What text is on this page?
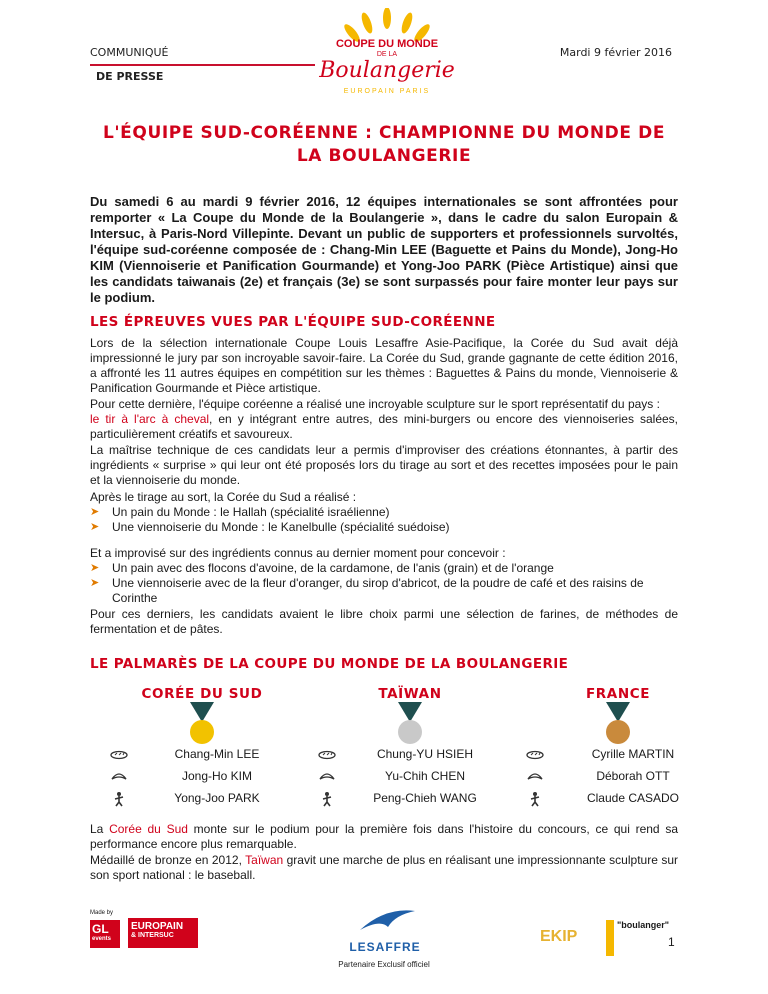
COMMUNIQUÉ
DE PRESSE
Mardi 9 février 2016
COUPE DU MONDE
DE LA
Boulangerie
EUROPAIN PARIS
L'ÉQUIPE SUD-CORÉENNE : CHAMPIONNE DU MONDE DE LA BOULANGERIE
Du samedi 6 au mardi 9 février 2016, 12 équipes internationales se sont affrontées pour remporter « La Coupe du Monde de la Boulangerie », dans le cadre du salon Europain & Intersuc, à Paris-Nord Villepinte. Devant un public de supporters et professionnels survoltés, l'équipe sud-coréenne composée de : Chang-Min LEE (Baguette et Pains du Monde), Jong-Ho KIM (Viennoiserie et Panification Gourmande) et Yong-Joo PARK (Pièce Artistique) ainsi que les candidats taiwanais (2e) et français (3e) se sont surpassés pour faire monter leur pays sur le podium.
LES ÉPREUVES VUES PAR L'ÉQUIPE SUD-CORÉENNE
Lors de la sélection internationale Coupe Louis Lesaffre Asie-Pacifique, la Corée du Sud avait déjà impressionné le jury par son incroyable savoir-faire. La Corée du Sud, grande gagnante de cette édition 2016, a affronté les 11 autres équipes en compétition sur les thèmes : Baguettes & Pains du monde, Viennoiserie & Panification Gourmande et Pièce artistique.
Pour cette dernière, l'équipe coréenne a réalisé une incroyable sculpture sur le sport représentatif du pays :
le tir à l'arc à cheval, en y intégrant entre autres, des mini-burgers ou encore des viennoiseries salées, particulièrement créatifs et savoureux.
La maîtrise technique de ces candidats leur a permis d'improviser des créations étonnantes, à partir des ingrédients « surprise » qui leur ont été proposés lors du tirage au sort et des recettes imposées pour le pain et la viennoiserie du monde.
Après le tirage au sort, la Corée du Sud a réalisé :
➤ Un pain du Monde : le Hallah (spécialité israélienne)
➤ Une viennoiserie du Monde : le Kanelbulle (spécialité suédoise)
Et a improvisé sur des ingrédients connus au dernier moment pour concevoir :
➤ Un pain avec des flocons d'avoine, de la cardamone, de l'anis (grain) et de l'orange
➤ Une viennoiserie avec de la fleur d'oranger, du sirop d'abricot, de la poudre de café et des raisins de Corinthe
Pour ces derniers, les candidats avaient le libre choix parmi une sélection de farines, de méthodes de fermentation et de pâtes.
LE PALMARÈS DE LA COUPE DU MONDE DE LA BOULANGERIE
CORÉE DU SUD
Chang-Min LEE
Jong-Ho KIM
Yong-Joo PARK
TAÏWAN
Chung-YU HSIEH
Yu-Chih CHEN
Peng-Chieh WANG
FRANCE
Cyrille MARTIN
Déborah OTT
Claude CASADO
La Corée du Sud monte sur le podium pour la première fois dans l'histoire du concours, ce qui rend sa performance encore plus remarquable.
Médaillé de bronze en 2012, Taïwan gravit une marche de plus en réalisant une impressionnante sculpture sur son sport national : le baseball.
Made by
GL
events
EUROPAIN
& INTERSUC
LESAFFRE
Partenaire Exclusif officiel
EKIP
"boulanger"
1
